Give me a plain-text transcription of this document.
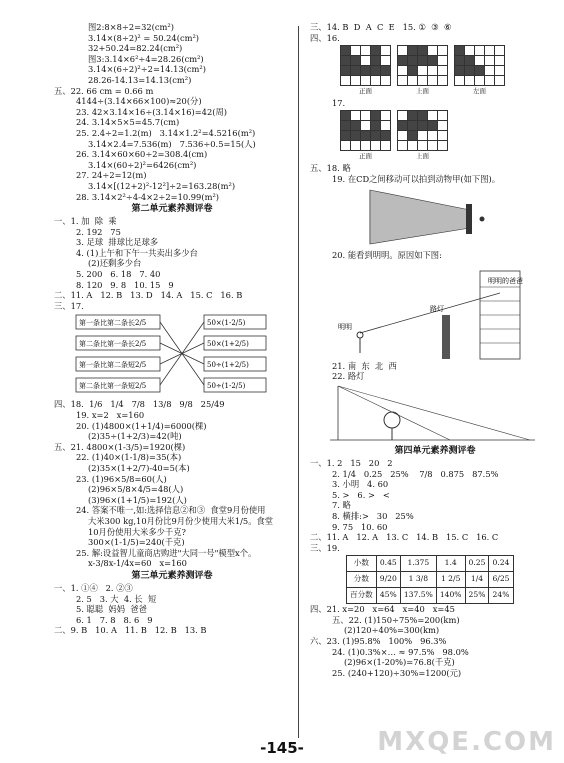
图2:8×8÷2=32(cm²)
3.14×(8÷2)² = 50.24(cm²)
32+50.24=82.24(cm²)
图3:3.14×6²÷4=28.26(cm²)
3.14×(6÷2)²÷2=14.13(cm²)
28.26-14.13=14.13(cm²)
五、22. 66 cm = 0.66 m
4144÷(3.14×66×100)≈20(分)
23. 42×3.14×16÷(3.14×16)=42(周)
24. 3.14×5×5=45.7(cm)
25. 2.4÷2=1.2(m)   3.14×1.2²=4.5216(m²)
3.14×2.4=7.536(m)   7.536÷0.5=15(人)
26. 3.14×60×60÷2=308.4(cm)
3.14×(60÷2)²=6426(cm²)
27. 24÷2=12(m)
3.14×[(12+2)²-12²]÷2=163.28(m²)
28. 3.14×2²÷4-4×2÷2=10.99(m²)
第二单元素养测评卷
一、1. 加  除  乘
2. 192   75
3. 足球  排球比足球多
4. (1)上午和下午一共卖出多少台
(2)还剩多少台
5. 200   6. 18   7. 40
8. 120   9. 8   10. 15   9
二、11. A   12. B   13. D   14. A   15. C   16. B
三、17.
第一条比第二条长2/5	50×(1-2/5)
第二条比第一条长2/5	50×(1+2/5)
第一条比第二条短2/5	50÷(1+2/5)
第二条比第一条短2/5	50÷(1-2/5)
四、18.  1/6   1/4   7/8   13/8   9/8   25/49
19. x=2   x=160
20. (1)4800×(1+1/4)=6000(棵)
(2)35÷(1+2/3)=42(吨)
五、21. 4800×(1-3/5)=1920(棵)
22. (1)40×(1-1/8)=35(本)
(2)35×(1+2/7)-40=5(本)
23. (1)96×5/8=60(人)
(2)96×5/8×4/5=48(人)
(3)96×(1+1/5)=192(人)
24. 答案不唯一,如:选择信息②和③  食堂9月份使用
大米300 kg,10月份比9月份少使用大米1/5。食堂
10月份使用大米多少千克?
300×(1-1/5)=240(千克)
25. 解:设益智儿童商店购进"大同一号"模型x个。
x-3/8x-1/4x=60   x=160
第三单元素养测评卷
一、1. ①④   2. ②③
2. 5   3. 大  4. 长  短
5. 聪聪  妈妈  爸爸
6. 1   7. 8   8. 6   9
二、9. B   10. A   11. B   12. B   13. B
三、14. B  D  A  C  E   15. ①  ③  ⑥
四、16.
正面	上面	左面
17.
正面	上面
五、18. 略
19. 在CD之间移动可以拍到动物甲(如下图)。
20. 能看到明明。原因如下图:
明明的爸爸
明明
路灯
21. 南  东  北  西
22. 路灯
第四单元素养测评卷
一、1. 2   15   20   2
2. 1/4   0.25   25%    7/8   0.875   87.5%
3. 小明   4. 60
5. >   6. >   <
7. 略
8. 横排:>   30   25%
9. 75   10. 60
二、11. A   12. A   13. C   14. B   15. C   16. C
三、19.
小数	0.45	1.375	1.4	0.25	0.24
分数	9/20	1 3/8	1 2/5	1/4	6/25
百分数	45%	137.5%	140%	25%	24%
四、21. x=20   x=64   x=40   x=45
五、22. (1)150÷75%=200(km)
(2)120÷40%=300(km)
六、23. (1)95.8%   100%   96.3%
24. (1)0.3%×… ≈ 97.5%   98.0%
(2)96×(1-20%)=76.8(千克)
25. (240+120)÷30%=1200(元)
-145-	MXQE.COM
